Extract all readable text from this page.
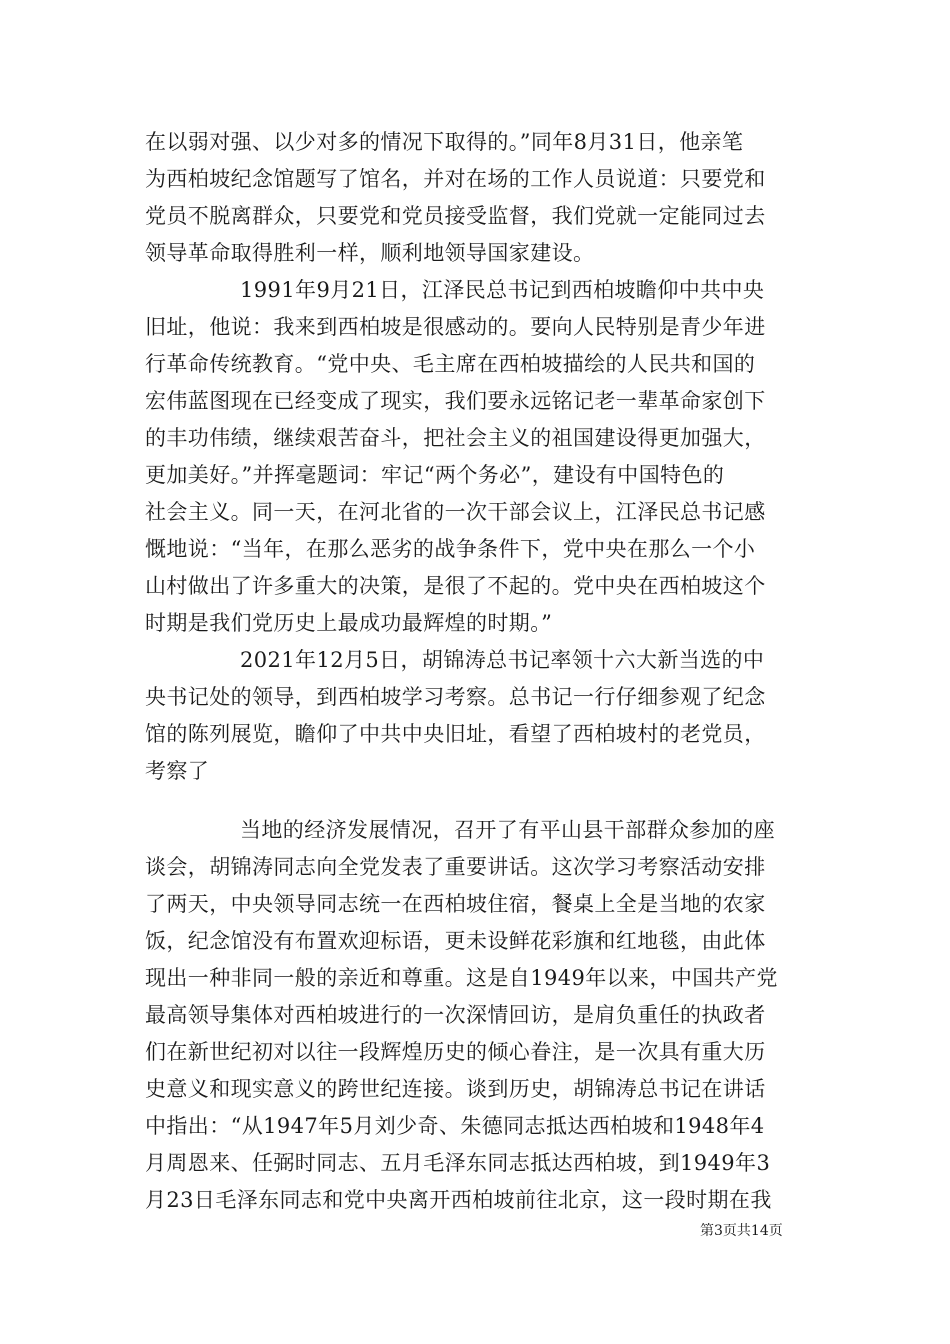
在以弱对强、以少对多的情况下取得的。”同年8月31日，他亲笔
为西柏坡纪念馆题写了馆名，并对在场的工作人员说道：只要党和
党员不脱离群众，只要党和党员接受监督，我们党就一定能同过去
领导革命取得胜利一样，顺利地领导国家建设。
1991年9月21日，江泽民总书记到西柏坡瞻仰中共中央
旧址，他说：我来到西柏坡是很感动的。要向人民特别是青少年进
行革命传统教育。“党中央、毛主席在西柏坡描绘的人民共和国的
宏伟蓝图现在已经变成了现实，我们要永远铭记老一辈革命家创下
的丰功伟绩，继续艰苦奋斗，把社会主义的祖国建设得更加强大，
更加美好。”并挥毫题词：牢记“两个务必”，建设有中国特色的
社会主义。同一天，在河北省的一次干部会议上，江泽民总书记感
慨地说：“当年，在那么恶劣的战争条件下，党中央在那么一个小
山村做出了许多重大的决策，是很了不起的。党中央在西柏坡这个
时期是我们党历史上最成功最辉煌的时期。”
2021年12月5日，胡锦涛总书记率领十六大新当选的中
央书记处的领导，到西柏坡学习考察。总书记一行仔细参观了纪念
馆的陈列展览，瞻仰了中共中央旧址，看望了西柏坡村的老党员，
考察了
当地的经济发展情况，召开了有平山县干部群众参加的座
谈会，胡锦涛同志向全党发表了重要讲话。这次学习考察活动安排
了两天，中央领导同志统一在西柏坡住宿，餐桌上全是当地的农家
饭，纪念馆没有布置欢迎标语，更未设鲜花彩旗和红地毯，由此体
现出一种非同一般的亲近和尊重。这是自1949年以来，中国共产党
最高领导集体对西柏坡进行的一次深情回访，是肩负重任的执政者
们在新世纪初对以往一段辉煌历史的倾心眷注，是一次具有重大历
史意义和现实意义的跨世纪连接。谈到历史，胡锦涛总书记在讲话
中指出：“从1947年5月刘少奇、朱德同志抵达西柏坡和1948年4
月周恩来、任弼时同志、五月毛泽东同志抵达西柏坡，到1949年3
月23日毛泽东同志和党中央离开西柏坡前往北京，这一段时期在我
第3页共14页
